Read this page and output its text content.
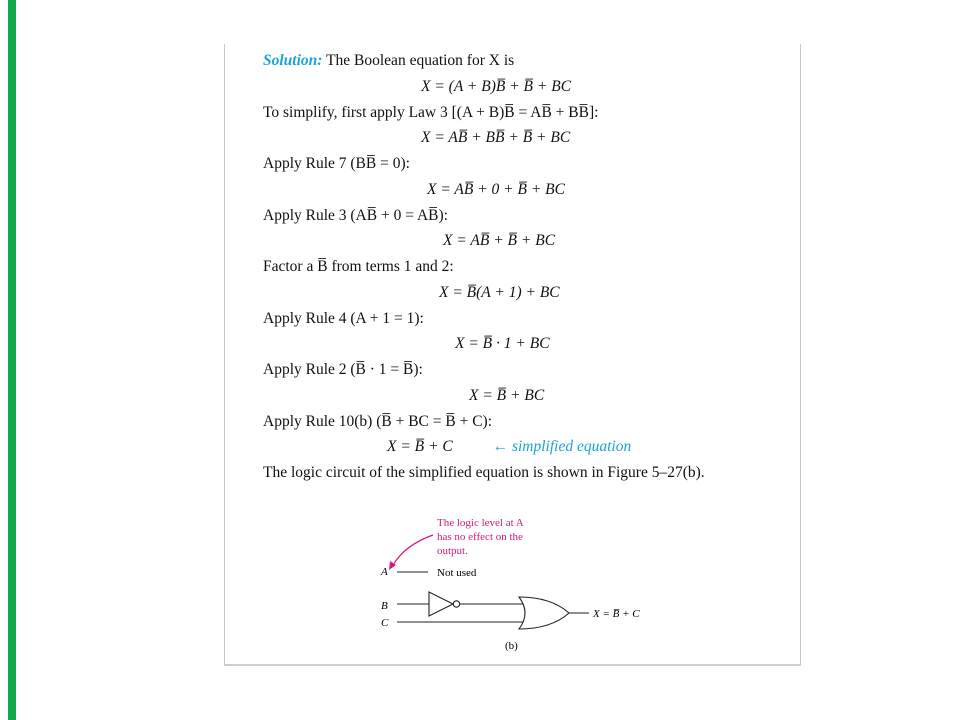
Solution: The Boolean equation for X is
X = (A + B)B̅ + B̅ + BC
To simplify, first apply Law 3 [(A + B)B̅ = AB̅ + BB̅]:
X = AB̅ + BB̅ + B̅ + BC
Apply Rule 7 (BB̅ = 0):
X = AB̅ + 0 + B̅ + BC
Apply Rule 3 (AB̅ + 0 = AB̅):
X = AB̅ + B̅ + BC
Factor a B̅ from terms 1 and 2:
X = B̅(A + 1) + BC
Apply Rule 4 (A + 1 = 1):
X = B̅ · 1 + BC
Apply Rule 2 (B̅ · 1 = B̅):
X = B̅ + BC
Apply Rule 10(b) (B̅ + BC = B̅ + C):
X = B̅ + C	← simplified equation
The logic circuit of the simplified equation is shown in Figure 5–27(b).
The logic level at A
has no effect on the
output.
A	Not used
B
C
X = B̅ + C
(b)
